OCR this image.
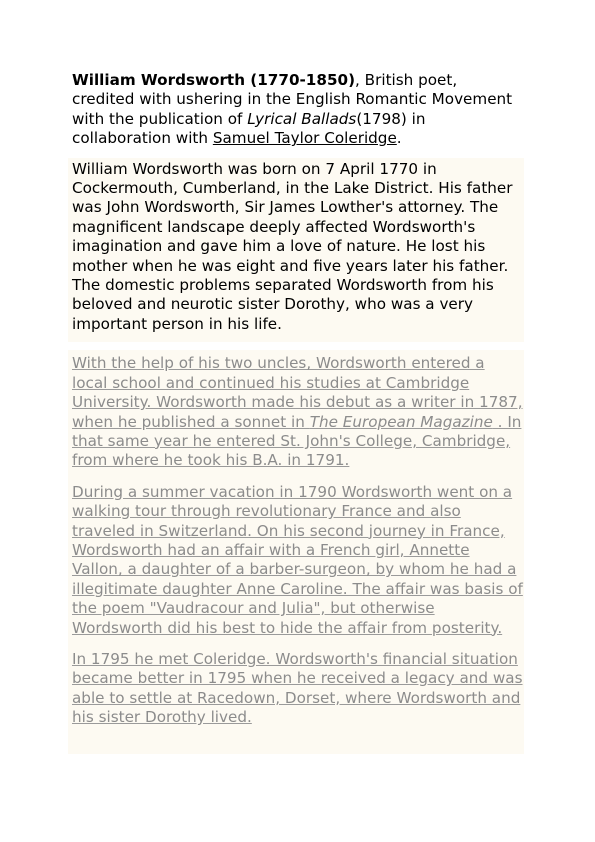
William Wordsworth (1770-1850), British poet, credited with ushering in the English Romantic Movement with the publication of Lyrical Ballads(1798) in collaboration with Samuel Taylor Coleridge.

William Wordsworth was born on 7 April 1770 in Cockermouth, Cumberland, in the Lake District. His father was John Wordsworth, Sir James Lowther's attorney. The magnificent landscape deeply affected Wordsworth's imagination and gave him a love of nature. He lost his mother when he was eight and five years later his father. The domestic problems separated Wordsworth from his beloved and neurotic sister Dorothy, who was a very important person in his life.

With the help of his two uncles, Wordsworth entered a local school and continued his studies at Cambridge University. Wordsworth made his debut as a writer in 1787, when he published a sonnet in The European Magazine . In that same year he entered St. John's College, Cambridge, from where he took his B.A. in 1791.

During a summer vacation in 1790 Wordsworth went on a walking tour through revolutionary France and also traveled in Switzerland. On his second journey in France, Wordsworth had an affair with a French girl, Annette Vallon, a daughter of a barber-surgeon, by whom he had a illegitimate daughter Anne Caroline. The affair was basis of the poem "Vaudracour and Julia", but otherwise Wordsworth did his best to hide the affair from posterity.

In 1795 he met Coleridge. Wordsworth's financial situation became better in 1795 when he received a legacy and was able to settle at Racedown, Dorset, where Wordsworth and his sister Dorothy lived.
